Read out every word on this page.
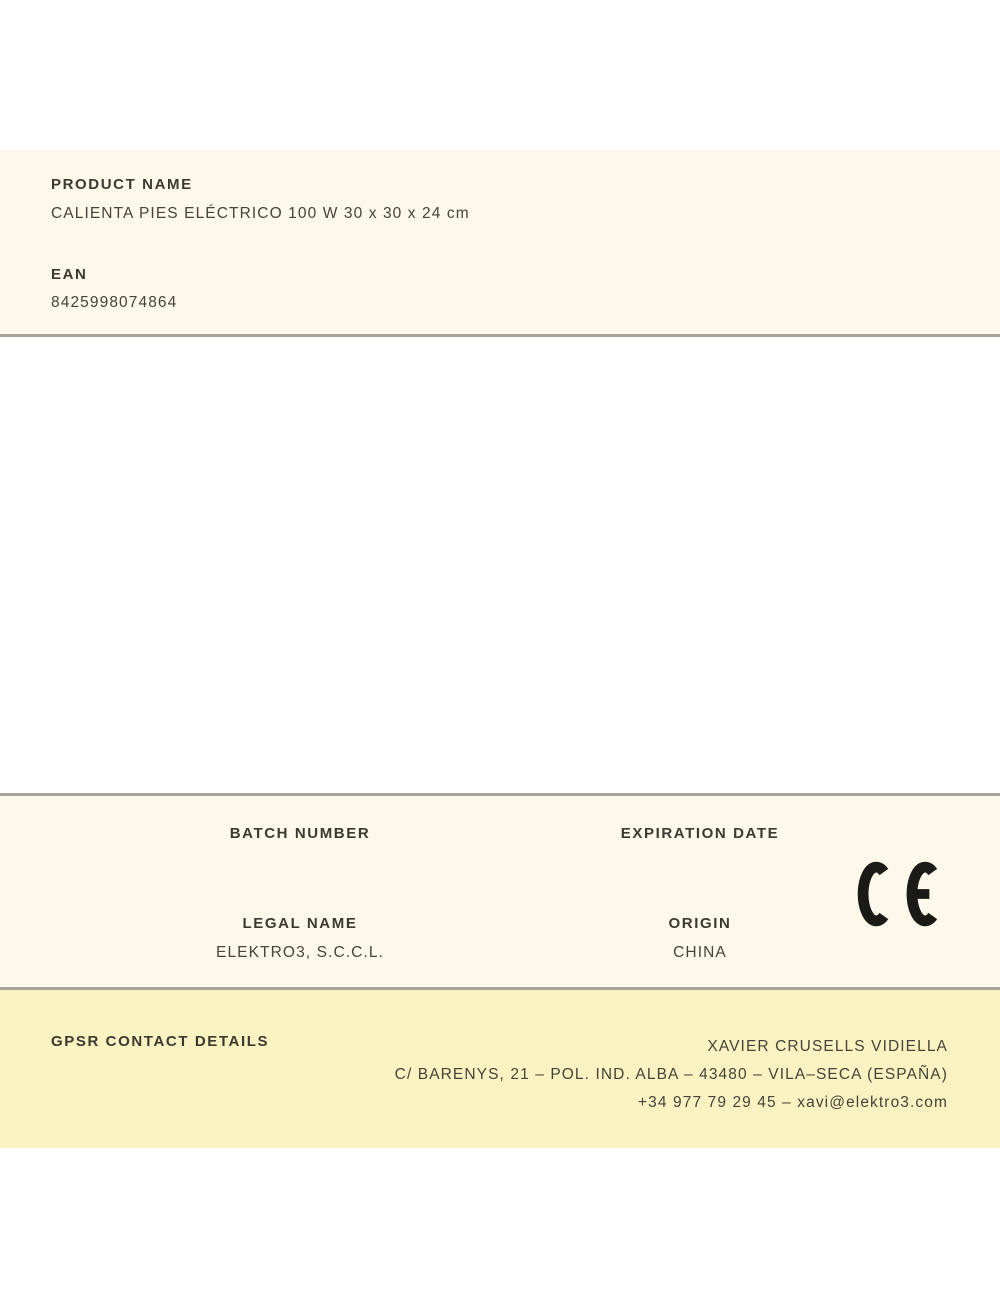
PRODUCT NAME
CALIENTA PIES ELÉCTRICO 100 W 30 x 30 x 24 cm
EAN
8425998074864
BATCH NUMBER
LEGAL NAME
ELEKTRO3, S.C.C.L.
EXPIRATION DATE
ORIGIN
CHINA
GPSR CONTACT DETAILS	XAVIER CRUSELLS VIDIELLA
C/ BARENYS, 21 – POL. IND. ALBA – 43480 – VILA–SECA (ESPAÑA)
+34 977 79 29 45 – xavi@elektro3.com
